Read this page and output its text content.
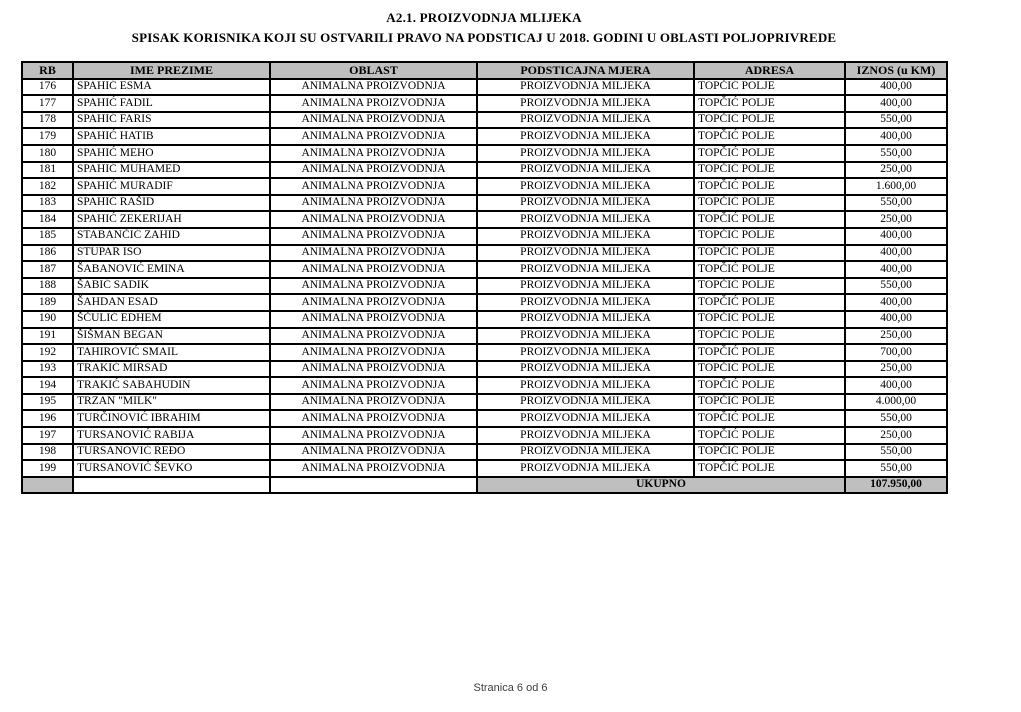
A2.1. PROIZVODNJA MLIJEKA
SPISAK KORISNIKA KOJI SU OSTVARILI PRAVO NA PODSTICAJ U 2018. GODINI U OBLASTI POLJOPRIVREDE
RB	IME PREZIME	OBLAST	PODSTICAJNA MJERA	ADRESA	IZNOS (u KM)
176	SPAHIĆ ESMA	ANIMALNA PROIZVODNJA	PROIZVODNJA MILJEKA	TOPČIĆ POLJE	400,00
177	SPAHIĆ FADIL	ANIMALNA PROIZVODNJA	PROIZVODNJA MILJEKA	TOPČIĆ POLJE	400,00
178	SPAHIĆ FARIS	ANIMALNA PROIZVODNJA	PROIZVODNJA MILJEKA	TOPČIĆ POLJE	550,00
179	SPAHIĆ HATIB	ANIMALNA PROIZVODNJA	PROIZVODNJA MILJEKA	TOPČIĆ POLJE	400,00
180	SPAHIĆ MEHO	ANIMALNA PROIZVODNJA	PROIZVODNJA MILJEKA	TOPČIĆ POLJE	550,00
181	SPAHIĆ MUHAMED	ANIMALNA PROIZVODNJA	PROIZVODNJA MILJEKA	TOPČIĆ POLJE	250,00
182	SPAHIĆ MURADIF	ANIMALNA PROIZVODNJA	PROIZVODNJA MILJEKA	TOPČIĆ POLJE	1.600,00
183	SPAHIĆ RAŠID	ANIMALNA PROIZVODNJA	PROIZVODNJA MILJEKA	TOPČIĆ POLJE	550,00
184	SPAHIĆ ZEKERIJAH	ANIMALNA PROIZVODNJA	PROIZVODNJA MILJEKA	TOPČIĆ POLJE	250,00
185	STABANČIĆ ZAHID	ANIMALNA PROIZVODNJA	PROIZVODNJA MILJEKA	TOPČIĆ POLJE	400,00
186	STUPAR ISO	ANIMALNA PROIZVODNJA	PROIZVODNJA MILJEKA	TOPČIĆ POLJE	400,00
187	ŠABANOVIĆ EMINA	ANIMALNA PROIZVODNJA	PROIZVODNJA MILJEKA	TOPČIĆ POLJE	400,00
188	ŠABIĆ SADIK	ANIMALNA PROIZVODNJA	PROIZVODNJA MILJEKA	TOPČIĆ POLJE	550,00
189	ŠAHDAN ESAD	ANIMALNA PROIZVODNJA	PROIZVODNJA MILJEKA	TOPČIĆ POLJE	400,00
190	ŠČULIĆ EDHEM	ANIMALNA PROIZVODNJA	PROIZVODNJA MILJEKA	TOPČIĆ POLJE	400,00
191	ŠIŠMAN BEGAN	ANIMALNA PROIZVODNJA	PROIZVODNJA MILJEKA	TOPČIĆ POLJE	250,00
192	TAHIROVIĆ SMAIL	ANIMALNA PROIZVODNJA	PROIZVODNJA MILJEKA	TOPČIĆ POLJE	700,00
193	TRAKIĆ MIRSAD	ANIMALNA PROIZVODNJA	PROIZVODNJA MILJEKA	TOPČIĆ POLJE	250,00
194	TRAKIĆ SABAHUDIN	ANIMALNA PROIZVODNJA	PROIZVODNJA MILJEKA	TOPČIĆ POLJE	400,00
195	TRZAN "MILK"	ANIMALNA PROIZVODNJA	PROIZVODNJA MILJEKA	TOPČIĆ POLJE	4.000,00
196	TURČINOVIĆ IBRAHIM	ANIMALNA PROIZVODNJA	PROIZVODNJA MILJEKA	TOPČIĆ POLJE	550,00
197	TURSANOVIĆ RABIJA	ANIMALNA PROIZVODNJA	PROIZVODNJA MILJEKA	TOPČIĆ POLJE	250,00
198	TURSANOVIĆ REĐO	ANIMALNA PROIZVODNJA	PROIZVODNJA MILJEKA	TOPČIĆ POLJE	550,00
199	TURSANOVIĆ ŠEVKO	ANIMALNA PROIZVODNJA	PROIZVODNJA MILJEKA	TOPČIĆ POLJE	550,00
			UKUPNO		107.950,00
Stranica 6 od 6
